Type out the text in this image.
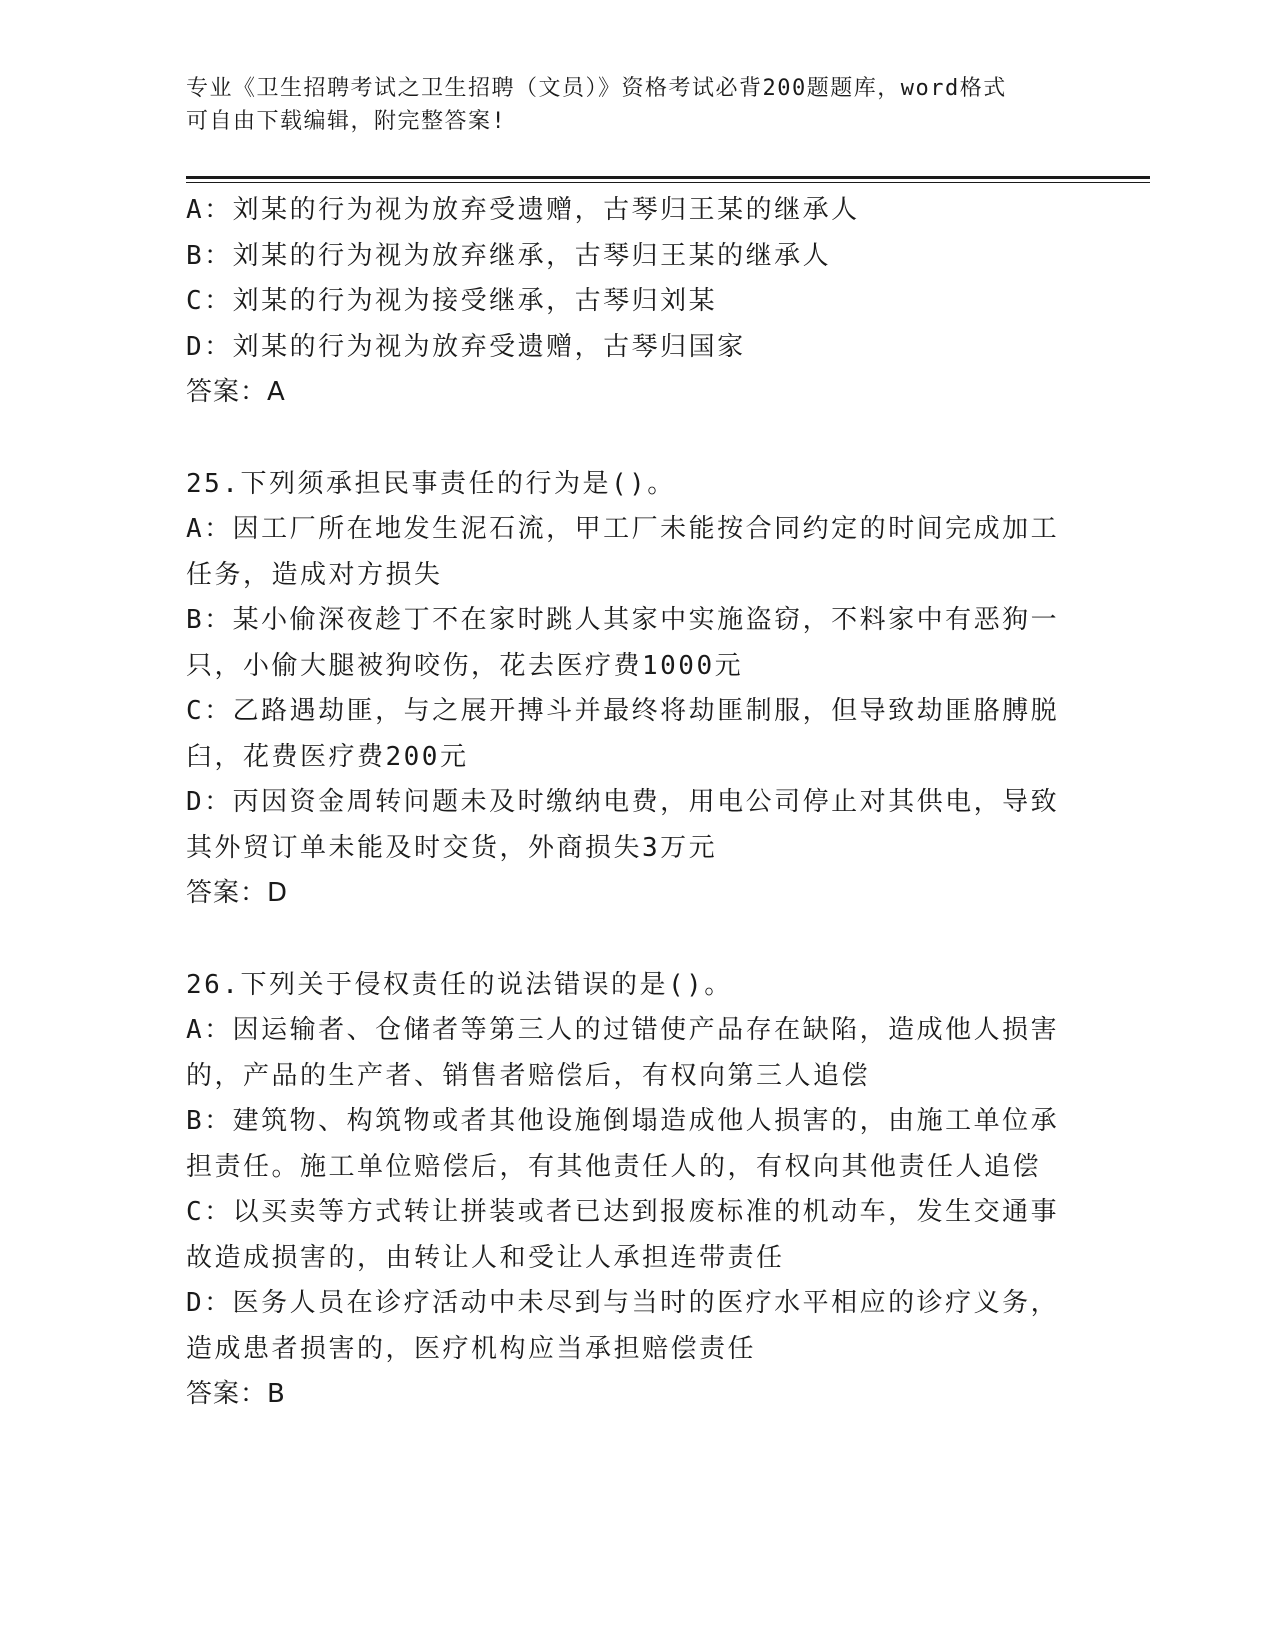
专业《卫生招聘考试之卫生招聘（文员）》资格考试必背200题题库，word格式
可自由下载编辑，附完整答案!
A：刘某的行为视为放弃受遗赠，古琴归王某的继承人
B：刘某的行为视为放弃继承，古琴归王某的继承人
C：刘某的行为视为接受继承，古琴归刘某
D：刘某的行为视为放弃受遗赠，古琴归国家
答案：A
25.下列须承担民事责任的行为是()。
A：因工厂所在地发生泥石流，甲工厂未能按合同约定的时间完成加工
任务，造成对方损失
B：某小偷深夜趁丁不在家时跳人其家中实施盗窃，不料家中有恶狗一
只，小偷大腿被狗咬伤，花去医疗费1000元
C：乙路遇劫匪，与之展开搏斗并最终将劫匪制服，但导致劫匪胳膊脱
臼，花费医疗费200元
D：丙因资金周转问题未及时缴纳电费，用电公司停止对其供电，导致
其外贸订单未能及时交货，外商损失3万元
答案：D
26.下列关于侵权责任的说法错误的是()。
A：因运输者、仓储者等第三人的过错使产品存在缺陷，造成他人损害
的，产品的生产者、销售者赔偿后，有权向第三人追偿
B：建筑物、构筑物或者其他设施倒塌造成他人损害的，由施工单位承
担责任。施工单位赔偿后，有其他责任人的，有权向其他责任人追偿
C：以买卖等方式转让拼装或者已达到报废标准的机动车，发生交通事
故造成损害的，由转让人和受让人承担连带责任
D：医务人员在诊疗活动中未尽到与当时的医疗水平相应的诊疗义务，
造成患者损害的，医疗机构应当承担赔偿责任
答案：B
